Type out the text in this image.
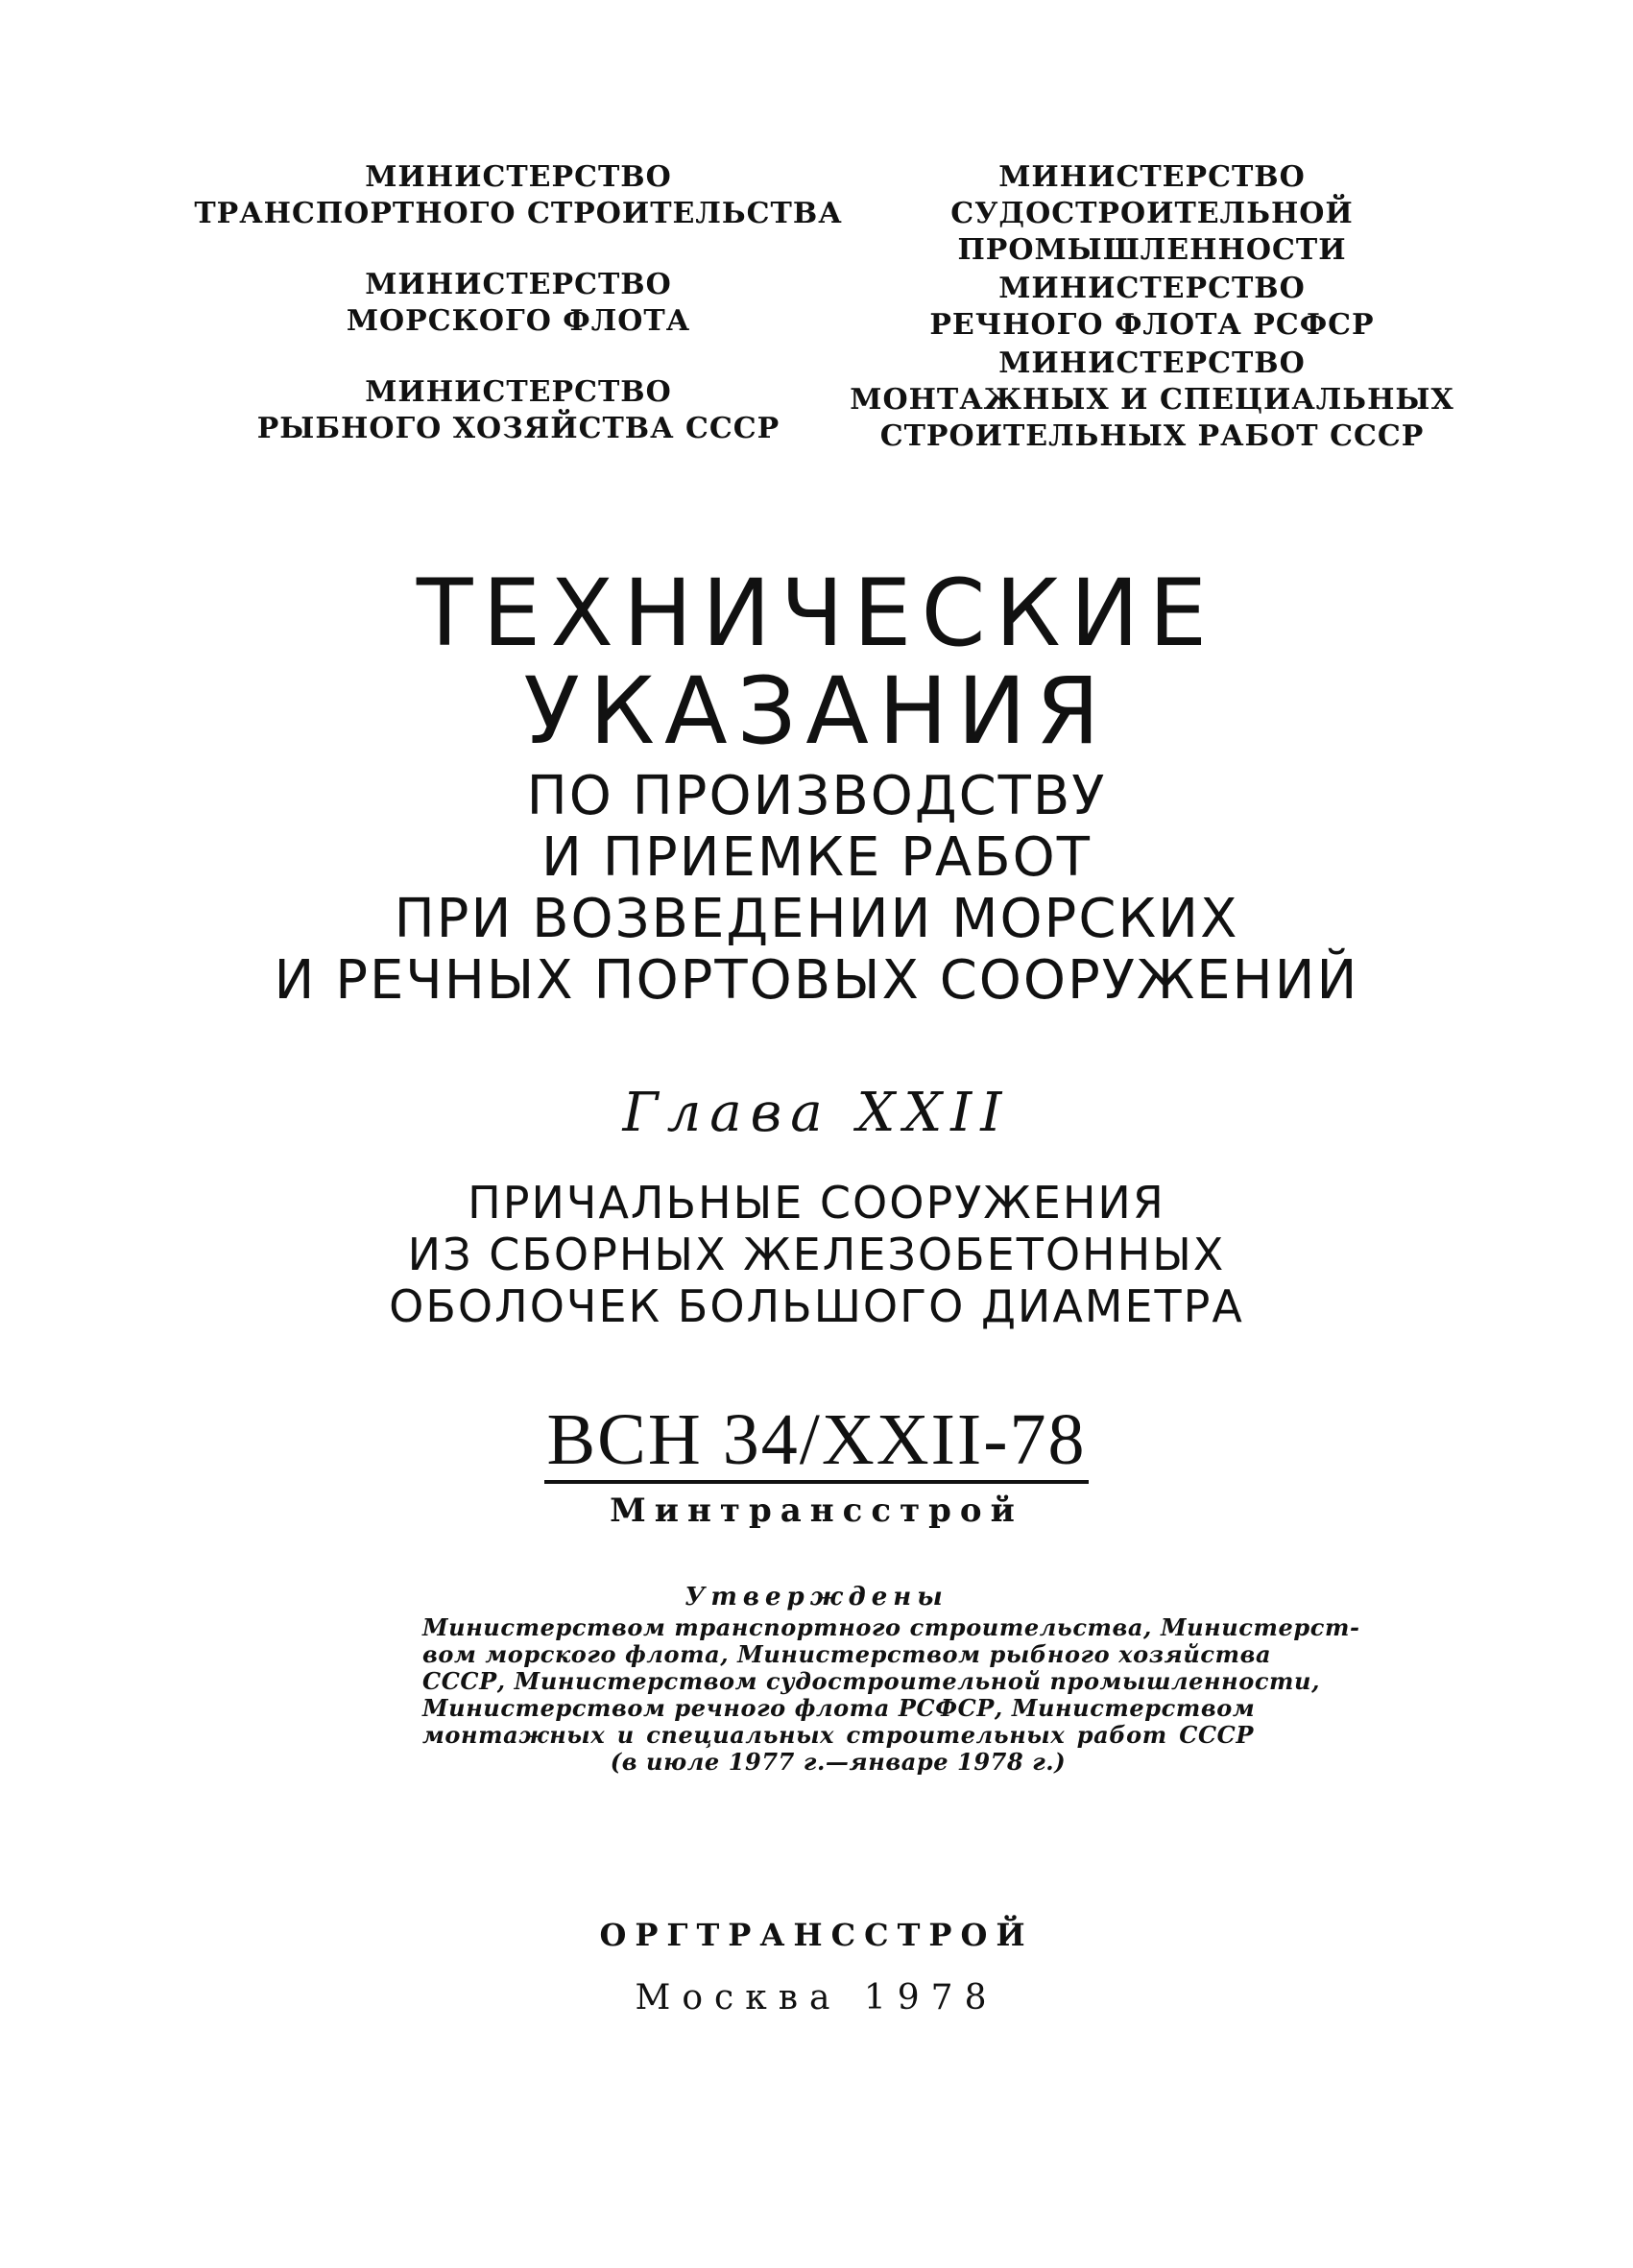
МИНИСТЕРСТВО
ТРАНСПОРТНОГО СТРОИТЕЛЬСТВА
МИНИСТЕРСТВО
МОРСКОГО ФЛОТА
МИНИСТЕРСТВО
РЫБНОГО ХОЗЯЙСТВА СССР
МИНИСТЕРСТВО
СУДОСТРОИТЕЛЬНОЙ
ПРОМЫШЛЕННОСТИ
МИНИСТЕРСТВО
РЕЧНОГО ФЛОТА РСФСР
МИНИСТЕРСТВО
МОНТАЖНЫХ И СПЕЦИАЛЬНЫХ
СТРОИТЕЛЬНЫХ РАБОТ СССР
ТЕХНИЧЕСКИЕ
УКАЗАНИЯ
ПО ПРОИЗВОДСТВУ
И ПРИЕМКЕ РАБОТ
ПРИ ВОЗВЕДЕНИИ МОРСКИХ
И РЕЧНЫХ ПОРТОВЫХ СООРУЖЕНИЙ
Глава XXII
ПРИЧАЛЬНЫЕ СООРУЖЕНИЯ
ИЗ СБОРНЫХ ЖЕЛЕЗОБЕТОННЫХ
ОБОЛОЧЕК БОЛЬШОГО ДИАМЕТРА
ВСН 34/XXII-78
Минтрансстрой
Утверждены
Министерством транспортного строительства, Министерст-
вом морского флота, Министерством рыбного хозяйства
СССР, Министерством судостроительной промышленности,
Министерством речного флота РСФСР, Министерством
монтажных и специальных строительных работ СССР
(в июле 1977 г.—январе 1978 г.)
ОРГТРАНССТРОЙ
Москва 1978
